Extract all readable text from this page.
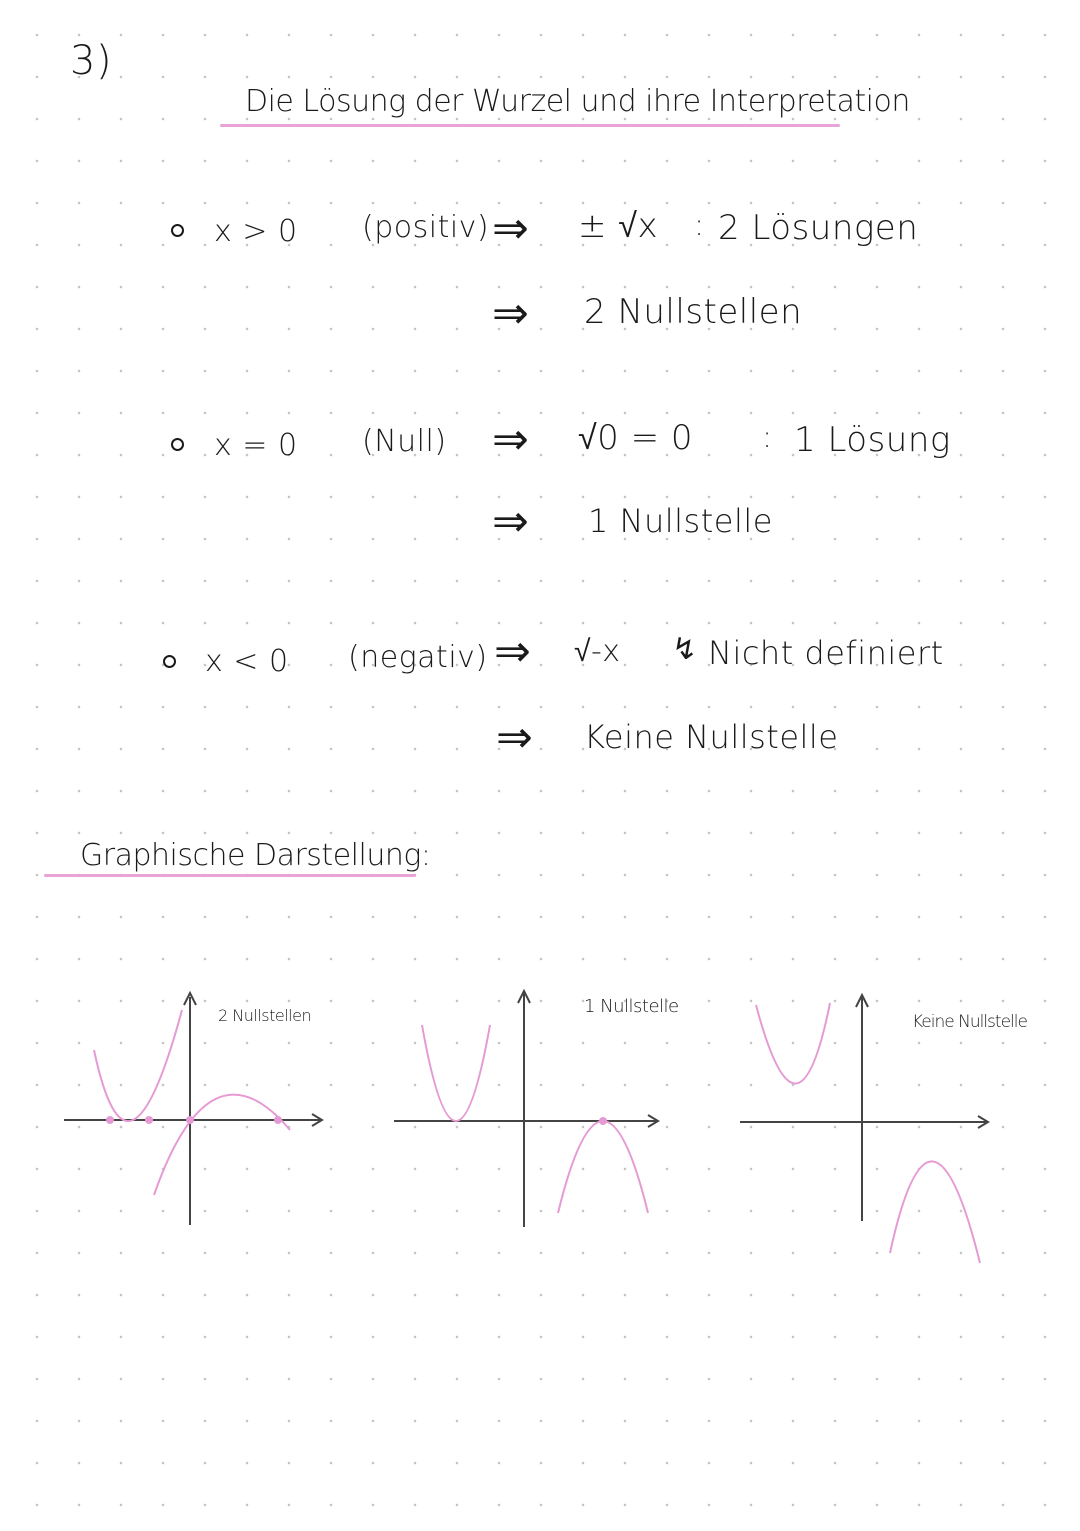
3)
Die Lösung der Wurzel und ihre Interpretation
x > 0 (positiv) ⇒ ± √x : 2 Lösungen
⇒ 2 Nullstellen
x = 0 (Null) ⇒ √0 = 0 : 1 Lösung
⇒ 1 Nullstelle
x < 0 (negativ) ⇒ √-x ↯ Nicht definiert
⇒ Keine Nullstelle
Graphische Darstellung:
2 Nullstellen	1 Nullstelle
Keine Nullstelle
